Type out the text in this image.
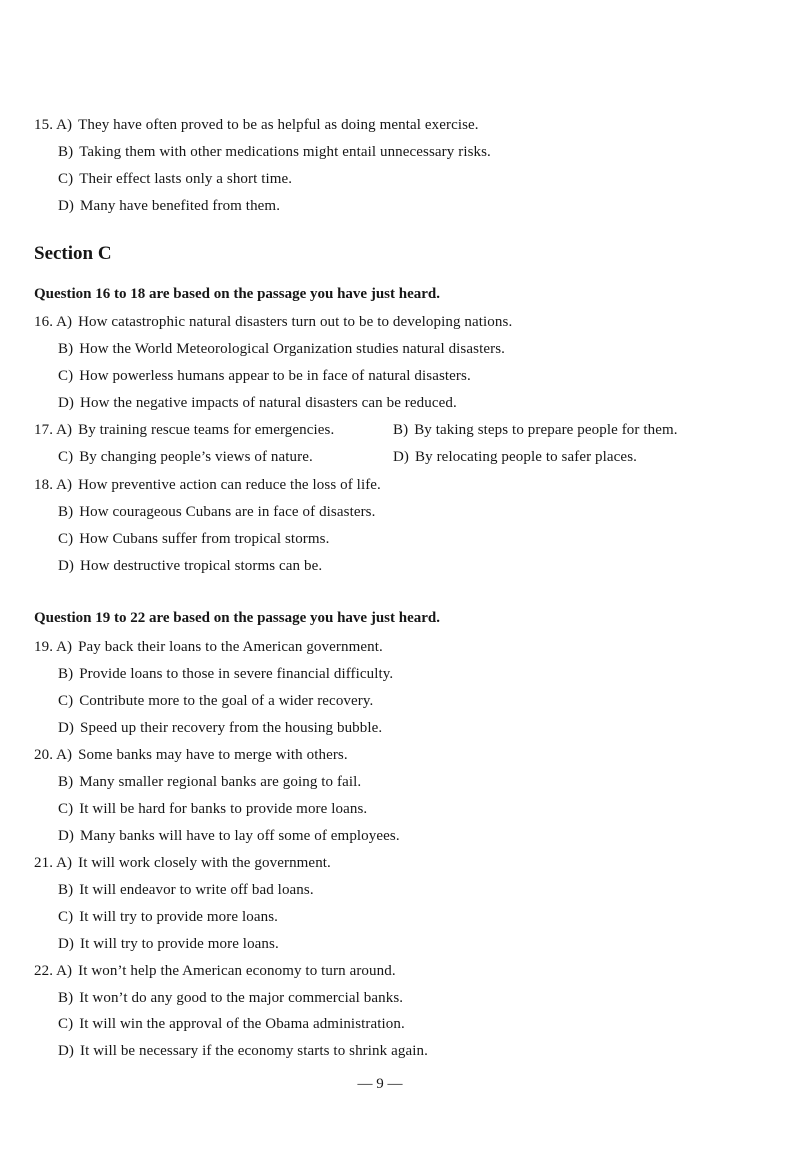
15. A) They have often proved to be as helpful as doing mental exercise.
B) Taking them with other medications might entail unnecessary risks.
C) Their effect lasts only a short time.
D) Many have benefited from them.
Section C
Question 16 to 18 are based on the passage you have just heard.
16. A) How catastrophic natural disasters turn out to be to developing nations.
B) How the World Meteorological Organization studies natural disasters.
C) How powerless humans appear to be in face of natural disasters.
D) How the negative impacts of natural disasters can be reduced.
17. A) By training rescue teams for emergencies.	B) By taking steps to prepare people for them.
C) By changing people’s views of nature.	D) By relocating people to safer places.
18. A) How preventive action can reduce the loss of life.
B) How courageous Cubans are in face of disasters.
C) How Cubans suffer from tropical storms.
D) How destructive tropical storms can be.
Question 19 to 22 are based on the passage you have just heard.
19. A) Pay back their loans to the American government.
B) Provide loans to those in severe financial difficulty.
C) Contribute more to the goal of a wider recovery.
D) Speed up their recovery from the housing bubble.
20. A) Some banks may have to merge with others.
B) Many smaller regional banks are going to fail.
C) It will be hard for banks to provide more loans.
D) Many banks will have to lay off some of employees.
21. A) It will work closely with the government.
B) It will endeavor to write off bad loans.
C) It will try to provide more loans.
D) It will try to provide more loans.
22. A) It won’t help the American economy to turn around.
B) It won’t do any good to the major commercial banks.
C) It will win the approval of the Obama administration.
D) It will be necessary if the economy starts to shrink again.
— 9 —
